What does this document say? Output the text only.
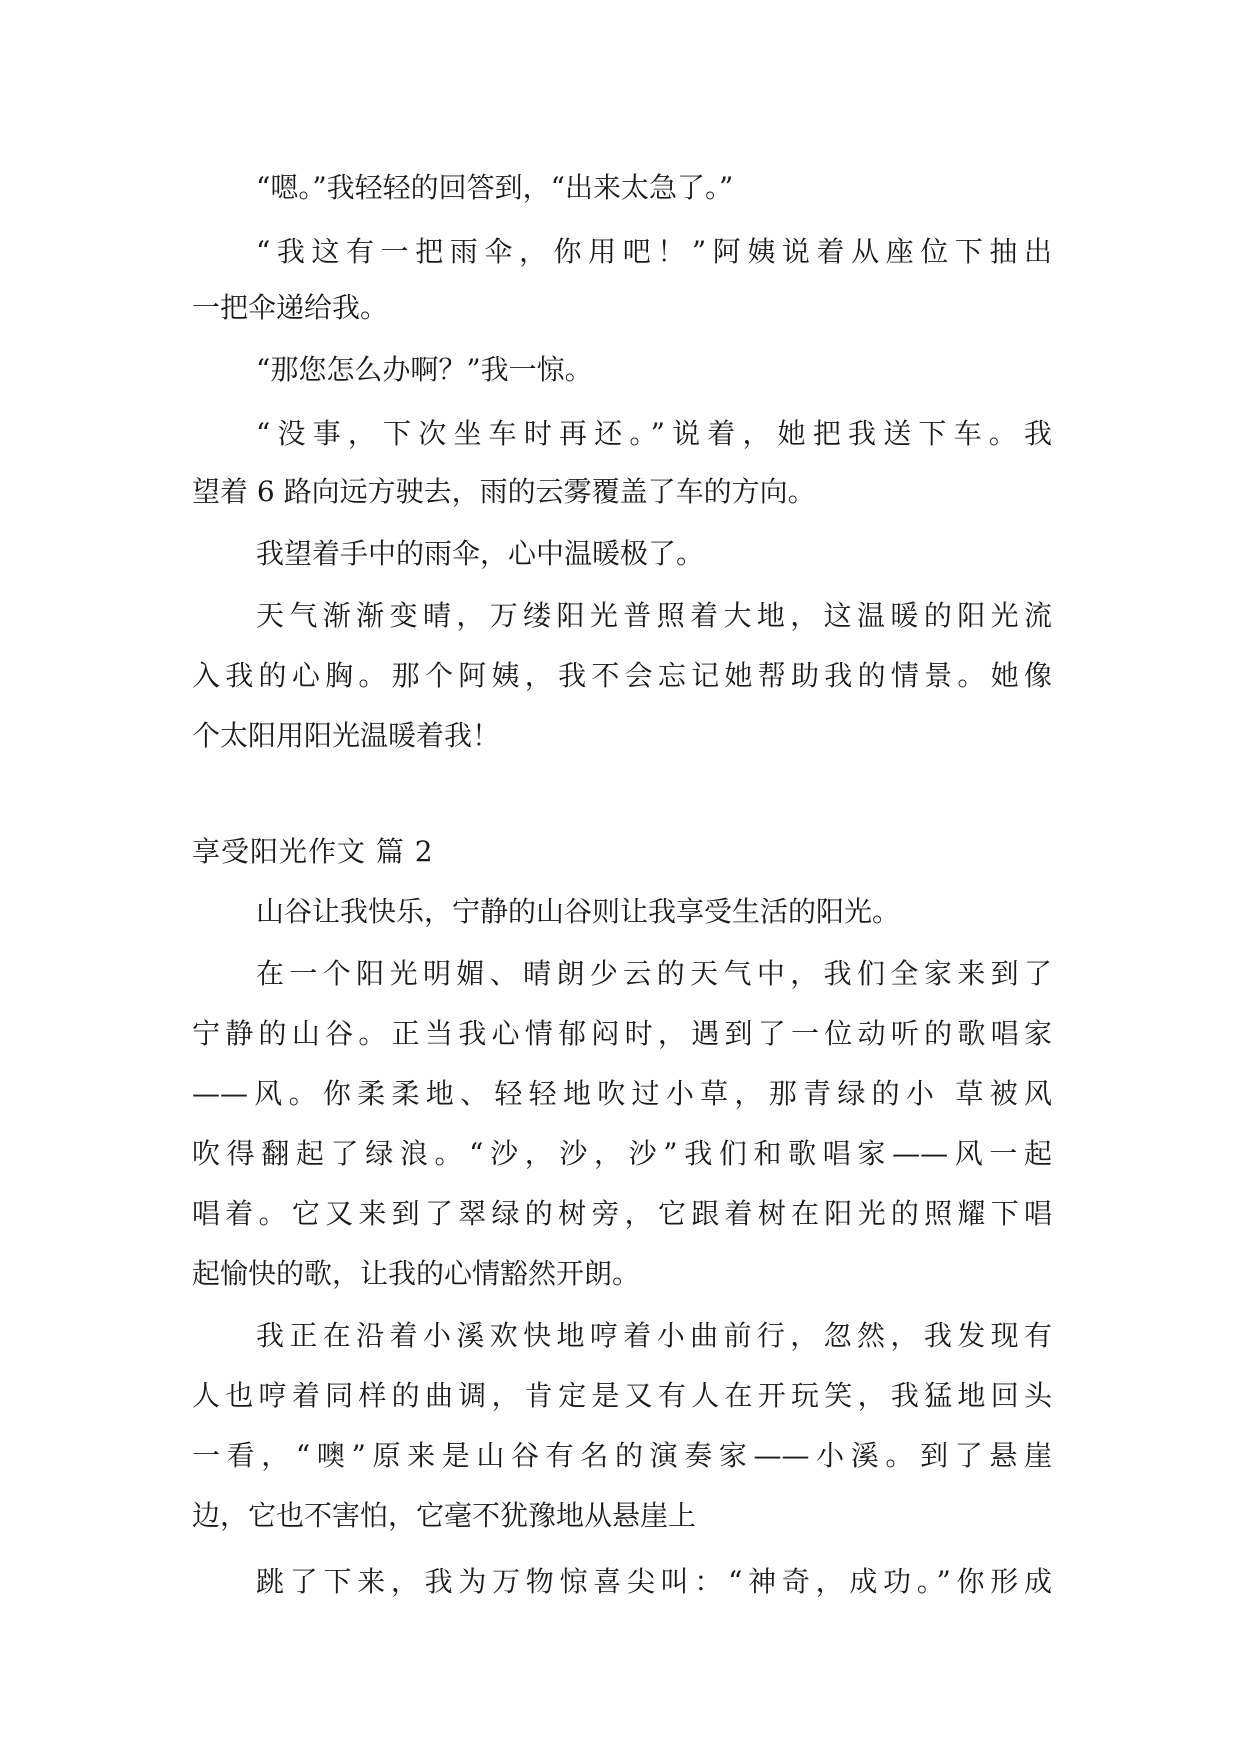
“嗯。”我轻轻的回答到，“出来太急了。”
“我这有一把雨伞，你用吧！”阿姨说着从座位下抽出
一把伞递给我。
“那您怎么办啊？”我一惊。
“没事，下次坐车时再还。”说着，她把我送下车。我
望着 6 路向远方驶去，雨的云雾覆盖了车的方向。
我望着手中的雨伞，心中温暖极了。
天气渐渐变晴，万缕阳光普照着大地，这温暖的阳光流
入我的心胸。那个阿姨，我不会忘记她帮助我的情景。她像
个太阳用阳光温暖着我！
享受阳光作文 篇 2
山谷让我快乐，宁静的山谷则让我享受生活的阳光。
在一个阳光明媚、晴朗少云的天气中，我们全家来到了
宁静的山谷。正当我心情郁闷时，遇到了一位动听的歌唱家
——风。你柔柔地、轻轻地吹过小草，那青绿的小 草被风
吹得翻起了绿浪。“沙，沙，沙”我们和歌唱家——风一起
唱着。它又来到了翠绿的树旁，它跟着树在阳光的照耀下唱
起愉快的歌，让我的心情豁然开朗。
我正在沿着小溪欢快地哼着小曲前行，忽然，我发现有
人也哼着同样的曲调，肯定是又有人在开玩笑，我猛地回头
一看，“噢”原来是山谷有名的演奏家——小溪。到了悬崖
边，它也不害怕，它毫不犹豫地从悬崖上
跳了下来，我为万物惊喜尖叫：“神奇，成功。”你形成
